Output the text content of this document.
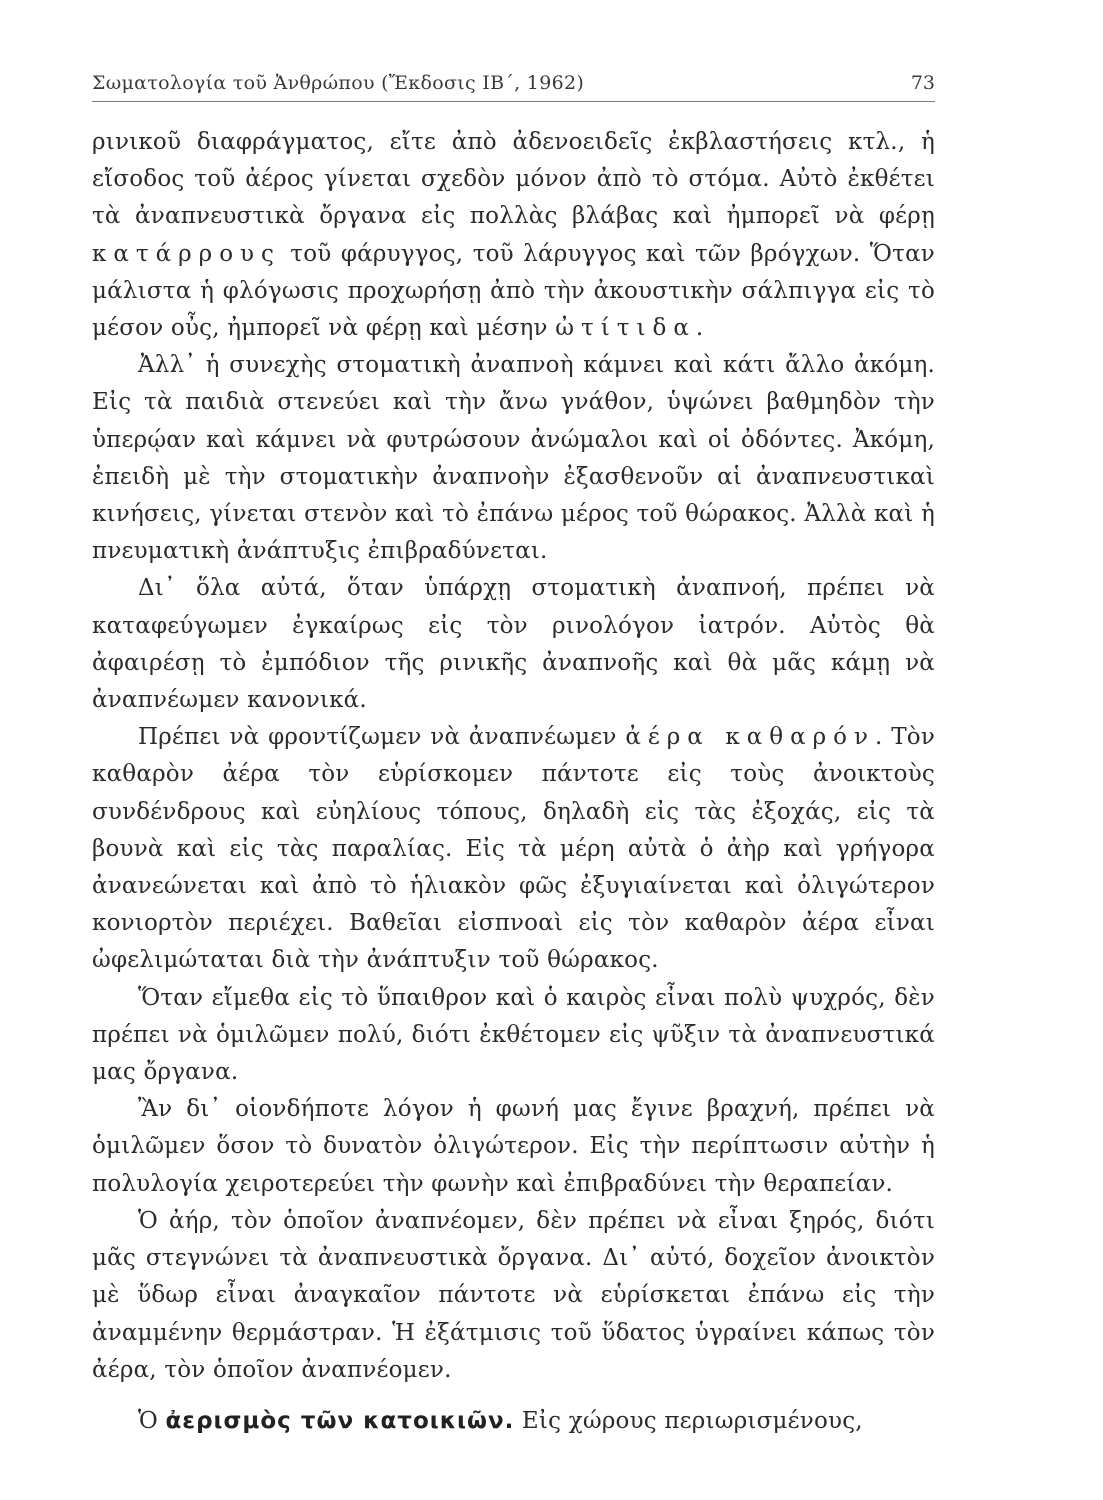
Σωματολογία τοῦ Ἀνθρώπου (Ἔκδοσις ΙΒ΄, 1962)	73

ρινικοῦ διαφράγματος, εἴτε ἀπὸ ἀδενοειδεῖς ἐκβλαστήσεις κτλ., ἡ εἴσοδος τοῦ ἀέρος γίνεται σχεδὸν μόνον ἀπὸ τὸ στόμα. Αὐτὸ ἐκθέτει τὰ ἀναπνευστικὰ ὄργανα εἰς πολλὰς βλάβας καὶ ἠμπορεῖ νὰ φέρῃ κατάρρους τοῦ φάρυγγος, τοῦ λάρυγγος καὶ τῶν βρόγχων. Ὅταν μάλιστα ἡ φλόγωσις προχωρήσῃ ἀπὸ τὴν ἀκουστικὴν σάλπιγγα εἰς τὸ μέσον οὖς, ἠμπορεῖ νὰ φέρῃ καὶ μέσην ὠτίτιδα.

Ἀλλ᾽ ἡ συνεχὴς στοματικὴ ἀναπνοὴ κάμνει καὶ κάτι ἄλλο ἀκόμη. Εἰς τὰ παιδιὰ στενεύει καὶ τὴν ἄνω γνάθον, ὑψώνει βαθμηδὸν τὴν ὑπερῴαν καὶ κάμνει νὰ φυτρώσουν ἀνώμαλοι καὶ οἱ ὀδόντες. Ἀκόμη, ἐπειδὴ μὲ τὴν στοματικὴν ἀναπνοὴν ἐξασθενοῦν αἱ ἀναπνευστικαὶ κινήσεις, γίνεται στενὸν καὶ τὸ ἐπάνω μέρος τοῦ θώρακος. Ἀλλὰ καὶ ἡ πνευματικὴ ἀνάπτυξις ἐπιβραδύνεται.

Δι᾽ ὅλα αὐτά, ὅταν ὑπάρχῃ στοματικὴ ἀναπνοή, πρέπει νὰ καταφεύγωμεν ἐγκαίρως εἰς τὸν ρινολόγον ἰατρόν. Αὐτὸς θὰ ἀφαιρέσῃ τὸ ἐμπόδιον τῆς ρινικῆς ἀναπνοῆς καὶ θὰ μᾶς κάμῃ νὰ ἀναπνέωμεν κανονικά.

Πρέπει νὰ φροντίζωμεν νὰ ἀναπνέωμεν ἀέρα καθαρόν. Τὸν καθαρὸν ἀέρα τὸν εὑρίσκομεν πάντοτε εἰς τοὺς ἀνοικτοὺς συνδένδρους καὶ εὐηλίους τόπους, δηλαδὴ εἰς τὰς ἐξοχάς, εἰς τὰ βουνὰ καὶ εἰς τὰς παραλίας. Εἰς τὰ μέρη αὐτὰ ὁ ἀὴρ καὶ γρήγορα ἀνανεώνεται καὶ ἀπὸ τὸ ἡλιακὸν φῶς ἐξυγιαίνεται καὶ ὀλιγώτερον κονιορτὸν περιέχει. Βαθεῖαι εἰσπνοαὶ εἰς τὸν καθαρὸν ἀέρα εἶναι ὠφελιμώταται διὰ τὴν ἀνάπτυξιν τοῦ θώρακος.

Ὅταν εἴμεθα εἰς τὸ ὕπαιθρον καὶ ὁ καιρὸς εἶναι πολὺ ψυχρός, δὲν πρέπει νὰ ὁμιλῶμεν πολύ, διότι ἐκθέτομεν εἰς ψῦξιν τὰ ἀναπνευστικά μας ὄργανα.

Ἂν δι᾽ οἱονδήποτε λόγον ἡ φωνή μας ἔγινε βραχνή, πρέπει νὰ ὁμιλῶμεν ὅσον τὸ δυνατὸν ὀλιγώτερον. Εἰς τὴν περίπτωσιν αὐτὴν ἡ πολυλογία χειροτερεύει τὴν φωνὴν καὶ ἐπιβραδύνει τὴν θεραπείαν.

Ὁ ἀήρ, τὸν ὁποῖον ἀναπνέομεν, δὲν πρέπει νὰ εἶναι ξηρός, διότι μᾶς στεγνώνει τὰ ἀναπνευστικὰ ὄργανα. Δι᾽ αὐτό, δοχεῖον ἀνοικτὸν μὲ ὕδωρ εἶναι ἀναγκαῖον πάντοτε νὰ εὑρίσκεται ἐπάνω εἰς τὴν ἀναμμένην θερμάστραν. Ἡ ἐξάτμισις τοῦ ὕδατος ὑγραίνει κάπως τὸν ἀέρα, τὸν ὁποῖον ἀναπνέομεν.

Ὁ ἀερισμὸς τῶν κατοικιῶν. Εἰς χώρους περιωρισμένους,
